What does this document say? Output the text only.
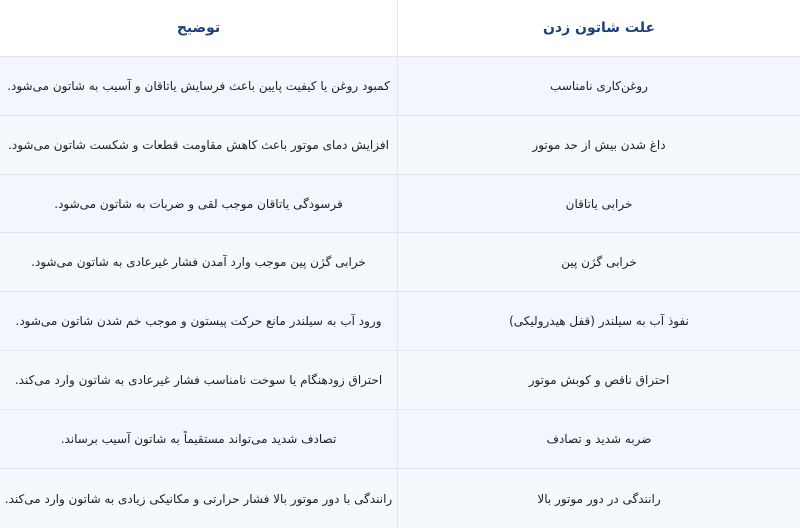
علت شاتون زدن
توضیح
روغن‌کاری نامناسب
کمبود روغن یا کیفیت پایین باعث فرسایش یاتاقان و آسیب به شاتون می‌شود.
داغ شدن بیش از حد موتور
افزایش دمای موتور باعث کاهش مقاومت قطعات و شکست شاتون می‌شود.
خرابی یاتاقان
فرسودگی یاتاقان موجب لقی و ضربات به شاتون می‌شود.
خرابی گژن پین
خرابی گژن پین موجب وارد آمدن فشار غیرعادی به شاتون می‌شود.
نفوذ آب به سیلندر (قفل هیدرولیکی)
ورود آب به سیلندر مانع حرکت پیستون و موجب خم شدن شاتون می‌شود.
احتراق ناقص و کوبش موتور
احتراق زودهنگام یا سوخت نامناسب فشار غیرعادی به شاتون وارد می‌کند.
ضربه شدید و تصادف
تصادف شدید می‌تواند مستقیماً به شاتون آسیب برساند.
رانندگی در دور موتور بالا
رانندگی با دور موتور بالا فشار حرارتی و مکانیکی زیادی به شاتون وارد می‌کند.
